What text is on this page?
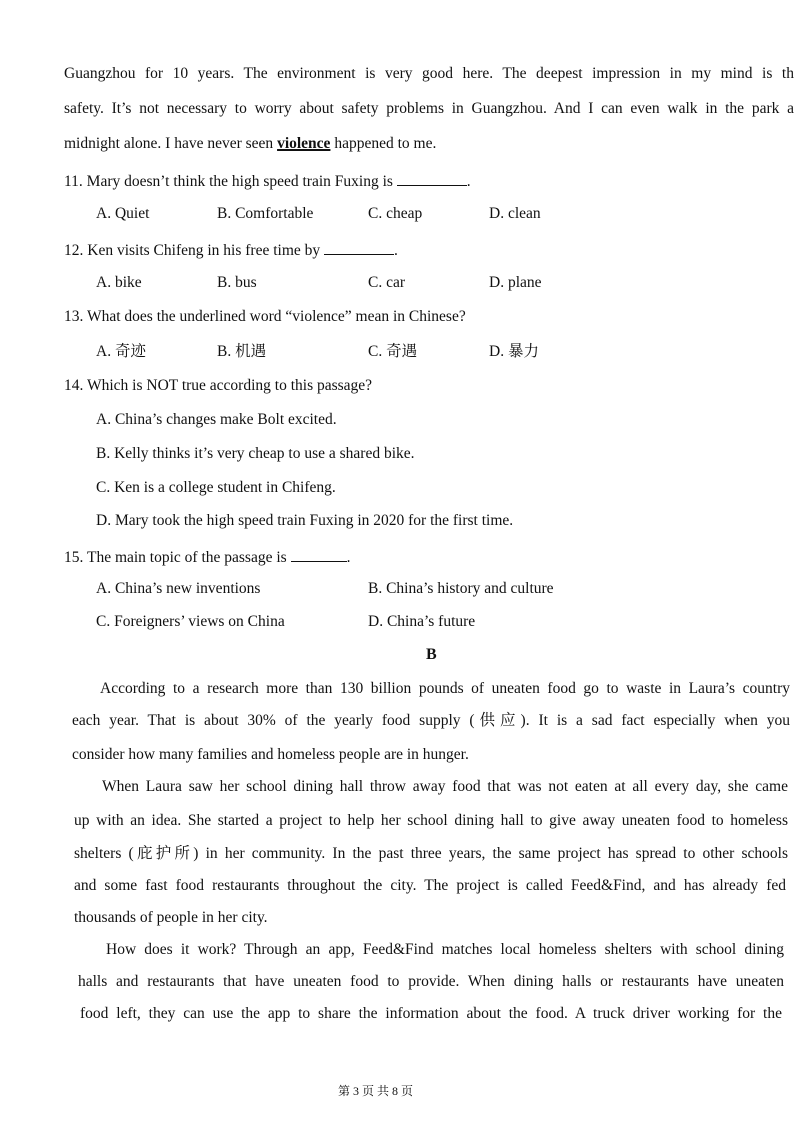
Guangzhou for 10 years. The environment is very good here. The deepest impression in my mind is th
safety. It’s not necessary to worry about safety problems in Guangzhou. And I can even walk in the park a
midnight alone. I have never seen violence happened to me.
11. Mary doesn’t think the high speed train Fuxing is	.
A. Quiet	B. Comfortable	C. cheap	D. clean
12. Ken visits Chifeng in his free time by	.
A. bike	B. bus	C. car	D. plane
13. What does the underlined word “violence” mean in Chinese?
A. 奇迹	B. 机遇	C. 奇遇	D. 暴力
14. Which is NOT true according to this passage?
A. China’s changes make Bolt excited.
B. Kelly thinks it’s very cheap to use a shared bike.
C. Ken is a college student in Chifeng.
D. Mary took the high speed train Fuxing in 2020 for the first time.
15. The main topic of the passage is	.
A. China’s new inventions	B. China’s history and culture
C. Foreigners’ views on China	D. China’s future
B
According to a research more than 130 billion pounds of uneaten food go to waste in Laura’s country
each year. That is about 30% of the yearly food supply (供应). It is a sad fact especially when you
consider how many families and homeless people are in hunger.
When Laura saw her school dining hall throw away food that was not eaten at all every day, she came
up with an idea. She started a project to help her school dining hall to give away uneaten food to homeless
shelters (庇护所) in her community. In the past three years, the same project has spread to other schools
and some fast food restaurants throughout the city. The project is called Feed&Find, and has already fed
thousands of people in her city.
How does it work? Through an app, Feed&Find matches local homeless shelters with school dining
halls and restaurants that have uneaten food to provide. When dining halls or restaurants have uneaten
food left, they can use the app to share the information about the food. A truck driver working for the
第 3 页 共 8 页
